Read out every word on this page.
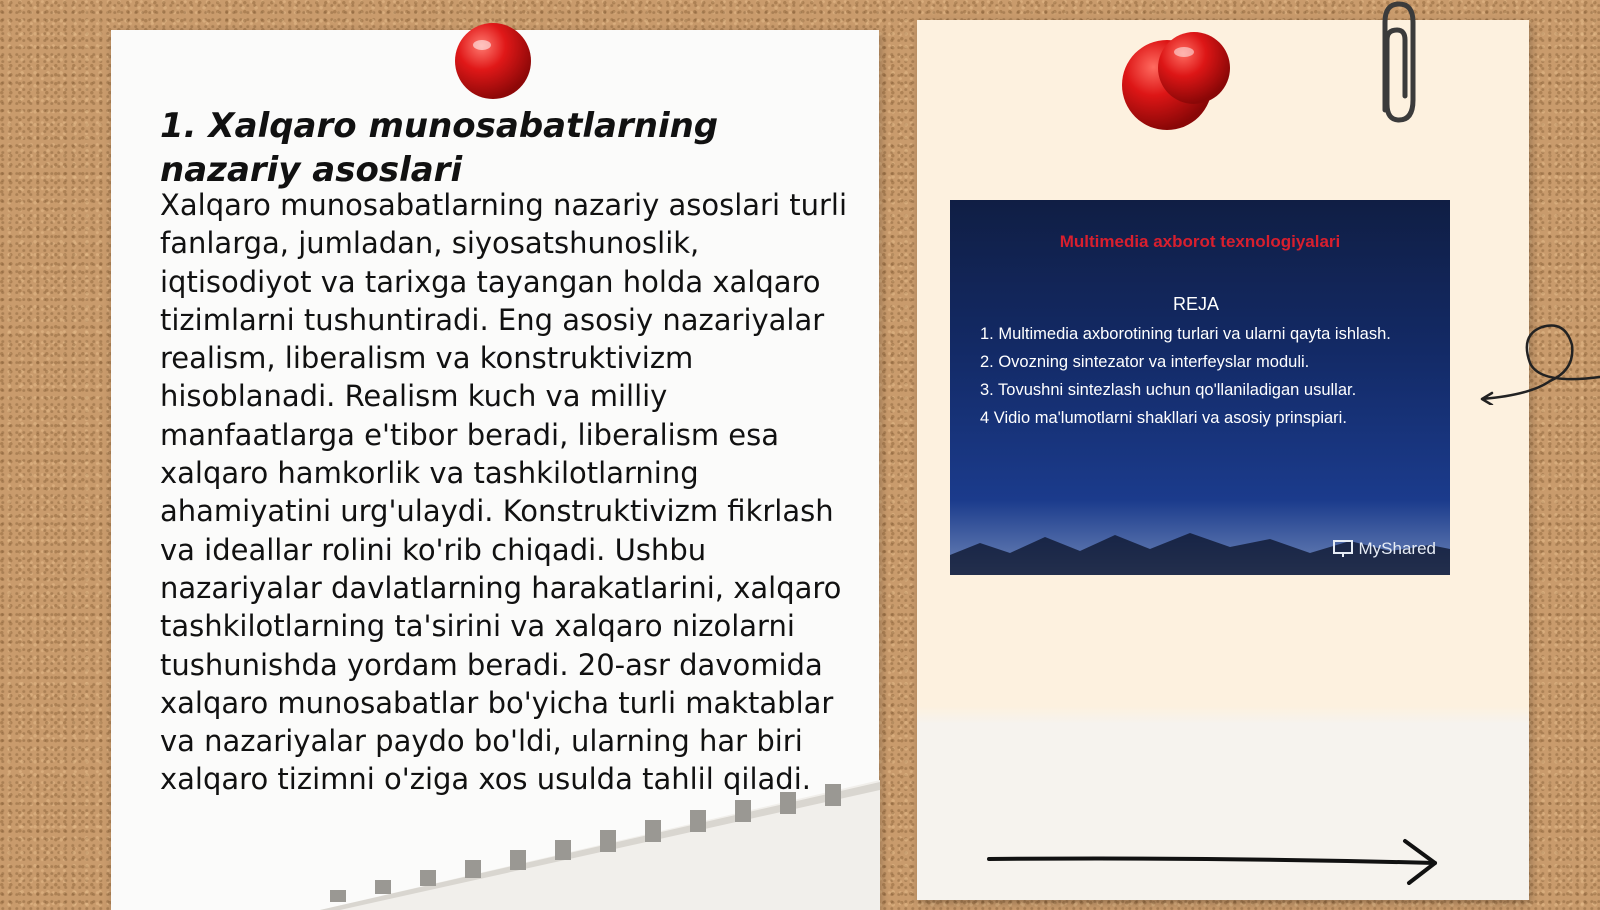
1. Xalqaro munosabatlarning nazariy asoslari

Xalqaro munosabatlarning nazariy asoslari turli fanlarga, jumladan, siyosatshunoslik, iqtisodiyot va tarixga tayangan holda xalqaro tizimlarni tushuntiradi. Eng asosiy nazariyalar realism, liberalism va konstruktivizm hisoblanadi. Realism kuch va milliy manfaatlarga e'tibor beradi, liberalism esa xalqaro hamkorlik va tashkilotlarning ahamiyatini urg'ulaydi. Konstruktivizm fikrlash va ideallar rolini ko'rib chiqadi. Ushbu nazariyalar davlatlarning harakatlarini, xalqaro tashkilotlarning ta'sirini va xalqaro nizolarni tushunishda yordam beradi. 20-asr davomida xalqaro munosabatlar bo'yicha turli maktablar va nazariyalar paydo bo'ldi, ularning har biri xalqaro tizimni o'ziga xos usulda tahlil qiladi.

Multimedia axborot texnologiyalari
REJA
1. Multimedia axborotining turlari va ularni qayta ishlash.
2. Ovozning sintezator va interfeyslar moduli.
3. Tovushni sintezlash uchun qo'llaniladigan usullar.
4 Vidio ma'lumotlarni shakllari va asosiy prinspiari.
MyShared
